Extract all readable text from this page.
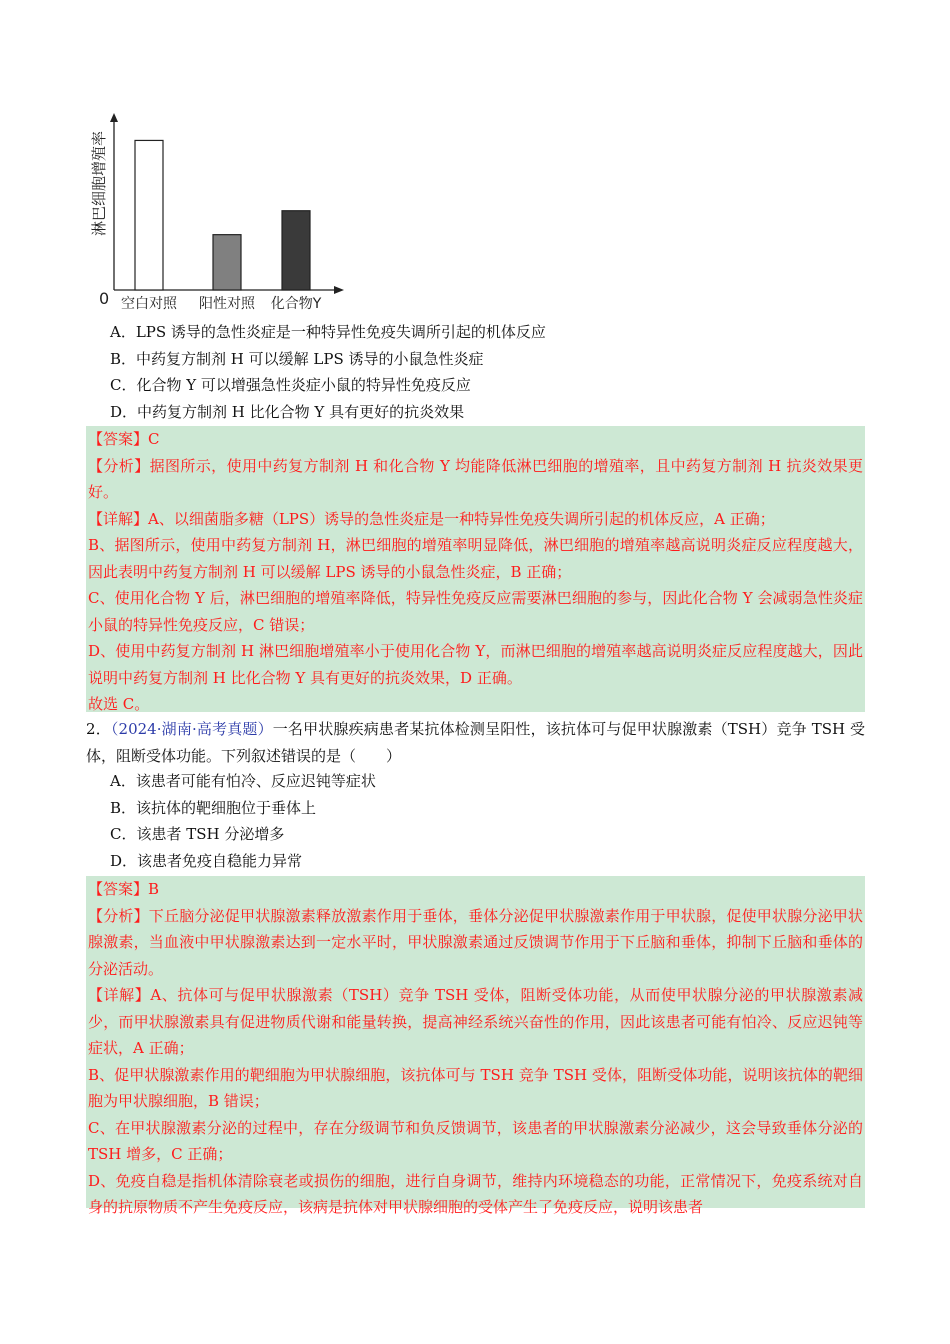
淋巴细胞增殖率
0 空白对照 阳性对照 化合物Y
A．LPS 诱导的急性炎症是一种特异性免疫失调所引起的机体反应
B．中药复方制剂 H 可以缓解 LPS 诱导的小鼠急性炎症
C．化合物 Y 可以增强急性炎症小鼠的特异性免疫反应
D．中药复方制剂 H 比化合物 Y 具有更好的抗炎效果

【答案】C

【分析】据图所示，使用中药复方制剂 H 和化合物 Y 均能降低淋巴细胞的增殖率，且中药复方制剂 H 抗炎效果更好。

【详解】A、以细菌脂多糖（LPS）诱导的急性炎症是一种特异性免疫失调所引起的机体反应，A 正确；

B、据图所示，使用中药复方制剂 H，淋巴细胞的增殖率明显降低，淋巴细胞的增殖率越高说明炎症反应程度越大，因此表明中药复方制剂 H 可以缓解 LPS 诱导的小鼠急性炎症，B 正确；

C、使用化合物 Y 后，淋巴细胞的增殖率降低，特异性免疫反应需要淋巴细胞的参与，因此化合物 Y 会减弱急性炎症小鼠的特异性免疫反应，C 错误；

D、使用中药复方制剂 H 淋巴细胞增殖率小于使用化合物 Y，而淋巴细胞的增殖率越高说明炎症反应程度越大，因此说明中药复方制剂 H 比化合物 Y 具有更好的抗炎效果，D 正确。

故选 C。

2．（2024·湖南·高考真题）一名甲状腺疾病患者某抗体检测呈阳性，该抗体可与促甲状腺激素（TSH）竞争 TSH 受体，阻断受体功能。下列叙述错误的是（　　）
A．该患者可能有怕冷、反应迟钝等症状
B．该抗体的靶细胞位于垂体上
C．该患者 TSH 分泌增多
D．该患者免疫自稳能力异常

【答案】B

【分析】下丘脑分泌促甲状腺激素释放激素作用于垂体，垂体分泌促甲状腺激素作用于甲状腺，促使甲状腺分泌甲状腺激素，当血液中甲状腺激素达到一定水平时，甲状腺激素通过反馈调节作用于下丘脑和垂体，抑制下丘脑和垂体的分泌活动。

【详解】A、抗体可与促甲状腺激素（TSH）竞争 TSH 受体，阻断受体功能，从而使甲状腺分泌的甲状腺激素减少，而甲状腺激素具有促进物质代谢和能量转换，提高神经系统兴奋性的作用，因此该患者可能有怕冷、反应迟钝等症状，A 正确；

B、促甲状腺激素作用的靶细胞为甲状腺细胞，该抗体可与 TSH 竞争 TSH 受体，阻断受体功能，说明该抗体的靶细胞为甲状腺细胞，B 错误；

C、在甲状腺激素分泌的过程中，存在分级调节和负反馈调节，该患者的甲状腺激素分泌减少，这会导致垂体分泌的 TSH 增多，C 正确；

D、免疫自稳是指机体清除衰老或损伤的细胞，进行自身调节，维持内环境稳态的功能，正常情况下，免疫系统对自身的抗原物质不产生免疫反应，该病是抗体对甲状腺细胞的受体产生了免疫反应，说明该患者
